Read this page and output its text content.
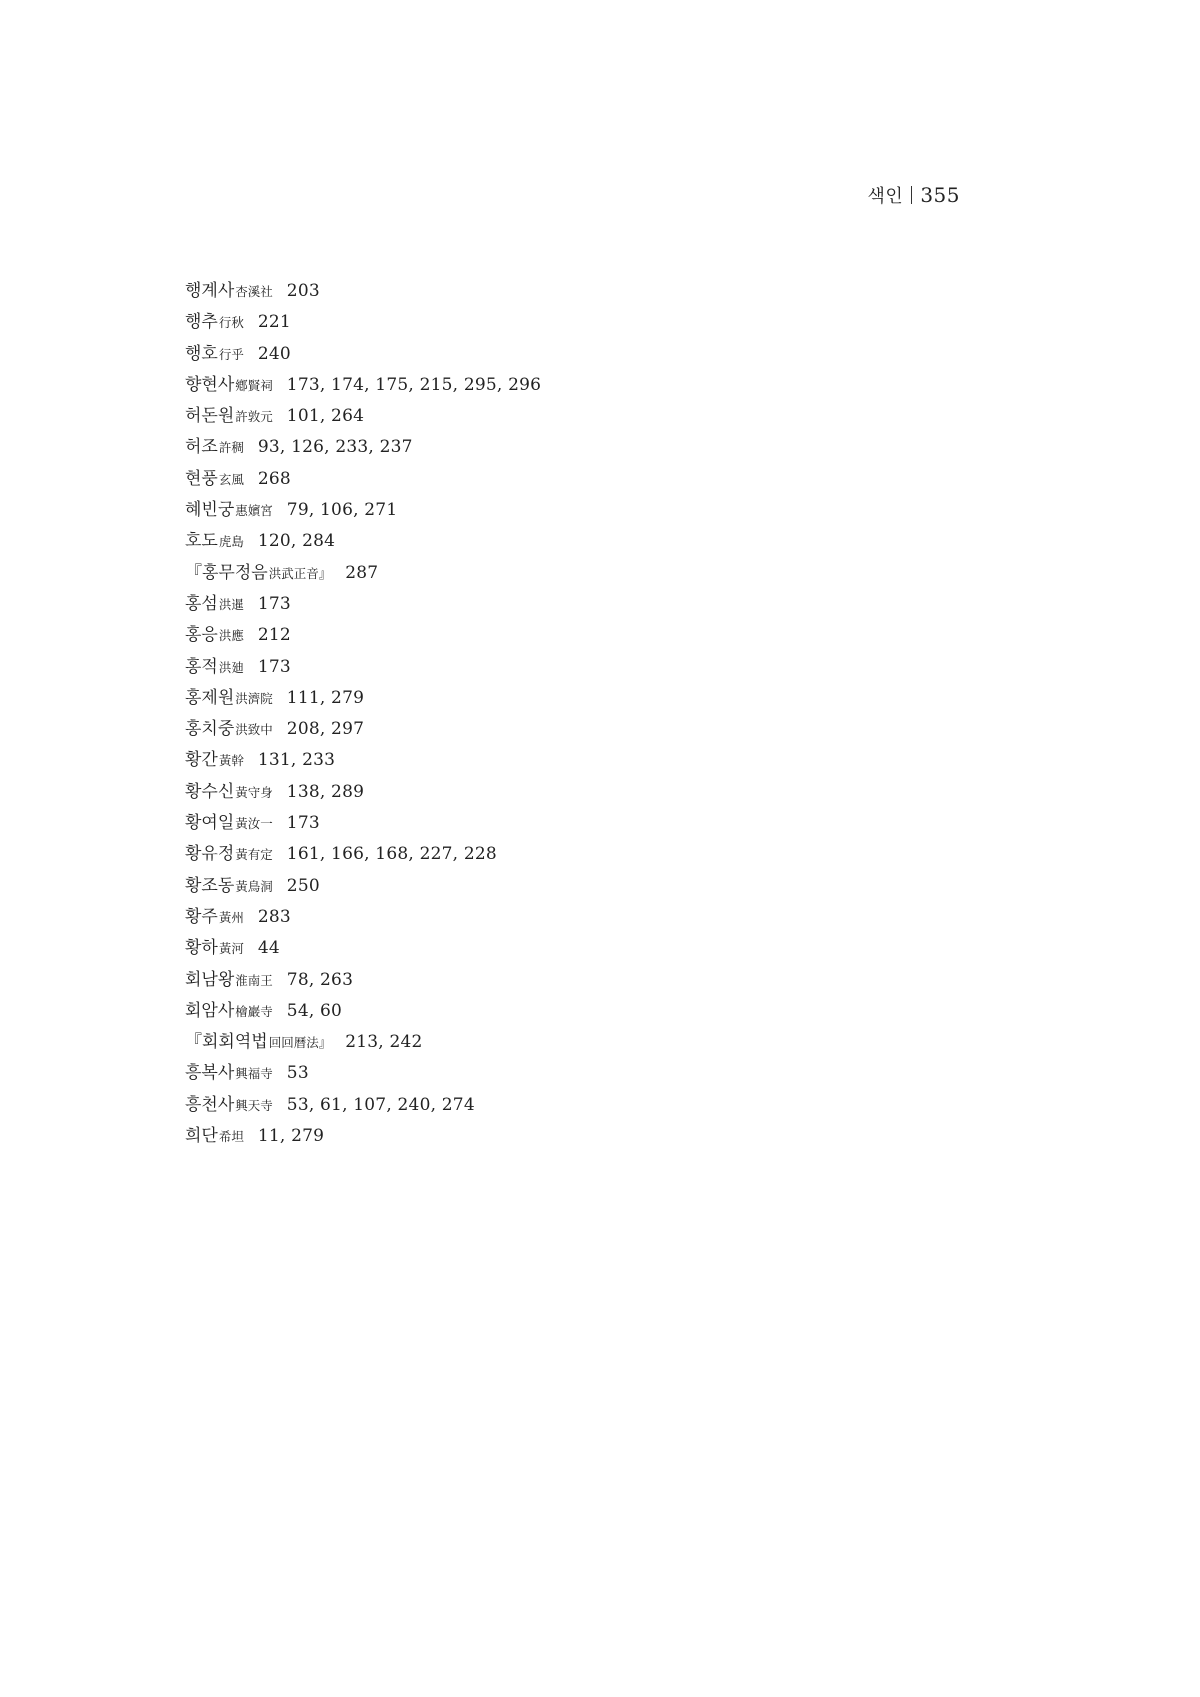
색인 355
행계사杏溪社 203
행추行秋 221
행호行乎 240
향현사鄕賢祠 173, 174, 175, 215, 295, 296
허돈원許敦元 101, 264
허조許稠 93, 126, 233, 237
현풍玄風 268
혜빈궁惠嬪宮 79, 106, 271
호도虎島 120, 284
『홍무정음洪武正音』 287
홍섬洪暹 173
홍응洪應 212
홍적洪廸 173
홍제원洪濟院 111, 279
홍치중洪致中 208, 297
황간黃幹 131, 233
황수신黃守身 138, 289
황여일黃汝一 173
황유정黃有定 161, 166, 168, 227, 228
황조동黃鳥洞 250
황주黃州 283
황하黃河 44
회남왕淮南王 78, 263
회암사檜巖寺 54, 60
『회회역법回回曆法』 213, 242
흥복사興福寺 53
흥천사興天寺 53, 61, 107, 240, 274
희단希坦 11, 279
